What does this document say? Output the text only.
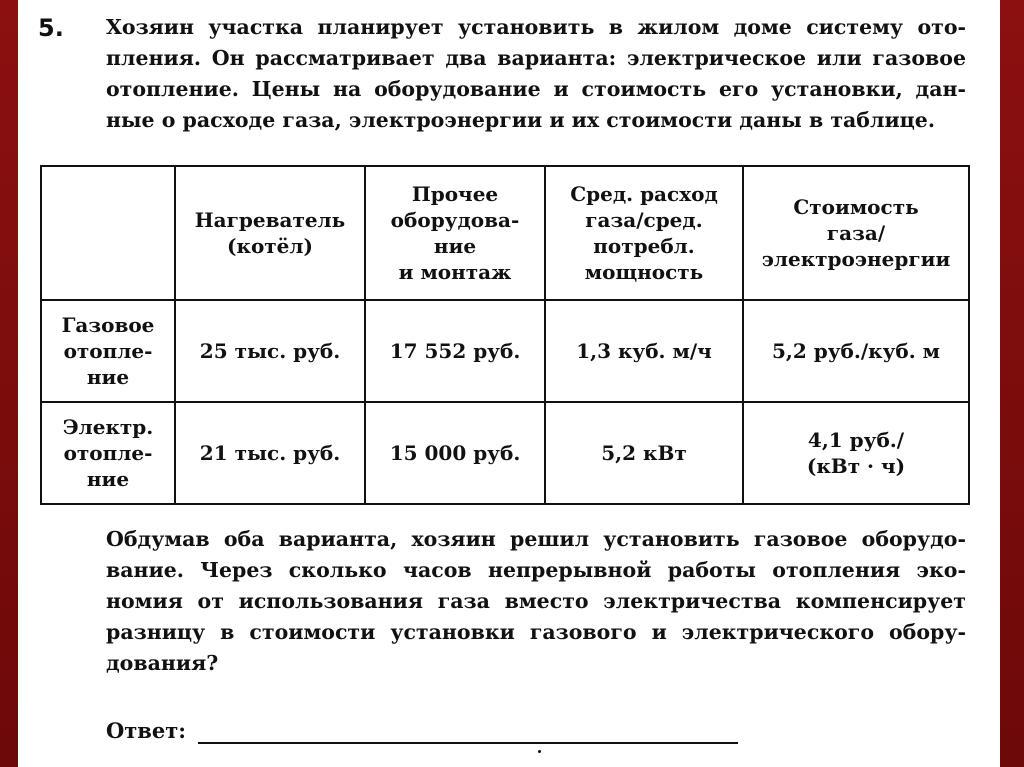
5. Хозяин участка планирует установить в жилом доме систему ото-пления. Он рассматривает два варианта: электрическое или газовое отопление. Цены на оборудование и стоимость его установки, дан-ные о расходе газа, электроэнергии и их стоимости даны в таблице.
	Нагреватель
(котёл)	Прочее
оборудова-
ние
и монтаж	Сред. расход
газа/сред.
потребл.
мощность	Стоимость
газа/
электроэнергии
Газовое
отопле-
ние	25 тыс. руб.	17 552 руб.	1,3 куб. м/ч	5,2 руб./куб. м
Электр.
отопле-
ние	21 тыс. руб.	15 000 руб.	5,2 кВт	4,1 руб./
(кВт · ч)
Обдумав оба варианта, хозяин решил установить газовое оборудо-вание. Через сколько часов непрерывной работы отопления эко-номия от использования газа вместо электричества компенсирует разницу в стоимости установки газового и электрического обору-дования?
Ответ:
